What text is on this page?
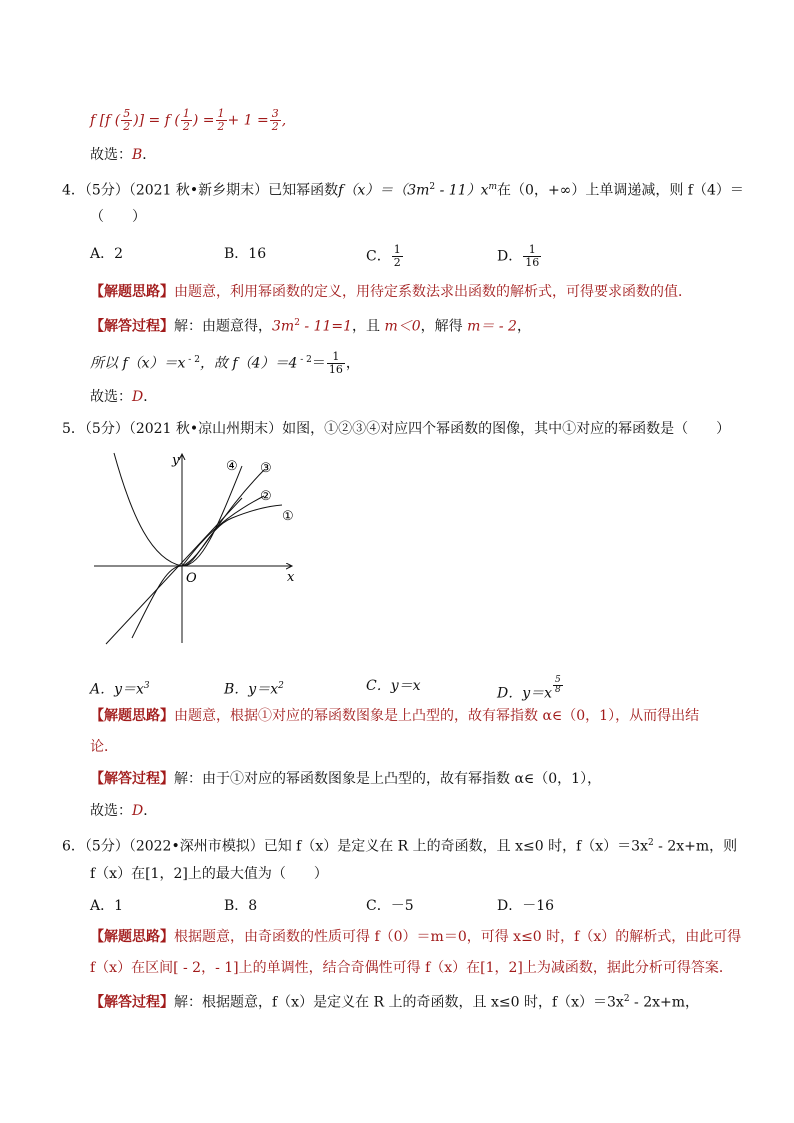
f [f ( $\frac{5}{2}$ )] = f ( $\frac{1}{2}$ ) = $\frac{1}{2} + 1 = \frac{3}{2}$ ,
故选：B．
4．（5分）（2021 秋•新乡期末）已知幂函数$f(x)=(3m^2 - 11)x^m$在（0，+∞）上单调递减，则 f（4）＝
（　　）
A．2	B．16	C． $\frac{1}{2}$	D． $\frac{1}{16}$
【解题思路】由题意，利用幂函数的定义，用待定系数法求出函数的解析式，可得要求函数的值．
【解答过程】解：由题意得，$3m^2 - 11=1$，且 m＜0，解得 m＝ - 2，
所以 f（x）＝x $^{- 2}$，故 f（4）＝4 $^{- 2}= \frac{1}{16}$ ，
故选：D．
5．（5分）（2021 秋•凉山州期末）如图，①②③④对应四个幂函数的图像，其中①对应的幂函数是（　　）
y
x
O
④ ③
②
①
A．$y=x^3$	B．$y=x^2$	C．y＝x	D．$y=x \frac{5}{8}$
【解题思路】由题意，根据①对应的幂函数图象是上凸型的，故有幂指数 α∈（0，1），从而得出结
论．
【解答过程】解：由于①对应的幂函数图象是上凸型的，故有幂指数 α∈（0，1），
故选：D．
6．（5分）（2022•深州市模拟）已知 f（x）是定义在 R 上的奇函数，且 x≤0 时，$f(x)=3x^2 - 2x+m$，则
f（x）在[1，2]上的最大值为（　　）
A．1	B．8	C．－5	D．－16
【解题思路】根据题意，由奇函数的性质可得 f（0）＝m＝0，可得 x≤0 时，f（x）的解析式，由此可得
f（x）在区间[ - 2，- 1]上的单调性，结合奇偶性可得 f（x）在[1，2]上为减函数，据此分析可得答案．
【解答过程】解：根据题意，f（x）是定义在 R 上的奇函数，且 x≤0 时，$f(x)=3x^2 - 2x+m$，
